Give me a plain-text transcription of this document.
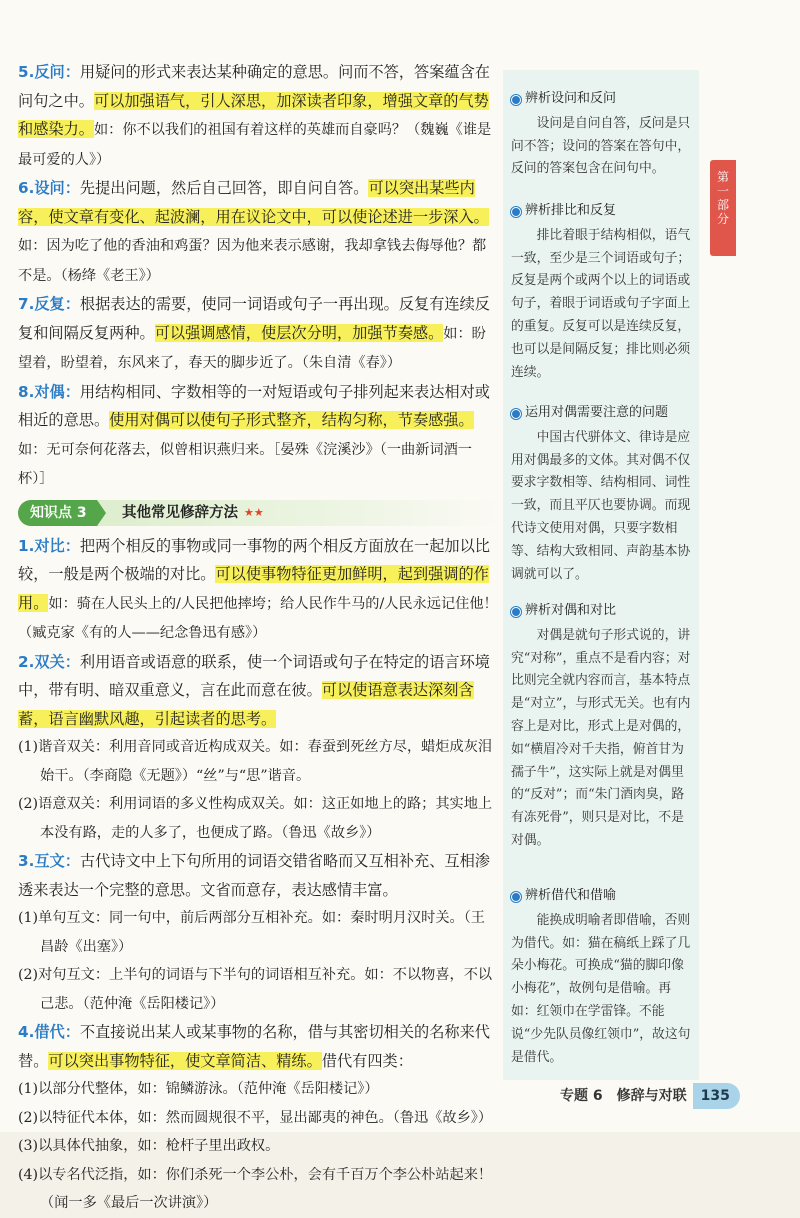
5.反问：用疑问的形式来表达某种确定的意思。问而不答，答案蕴含在问句之中。可以加强语气，引人深思，加深读者印象，增强文章的气势和感染力。如：你不以我们的祖国有着这样的英雄而自豪吗？（魏巍《谁是最可爱的人》）

6.设问：先提出问题，然后自己回答，即自问自答。可以突出某些内容，使文章有变化、起波澜，用在议论文中，可以使论述进一步深入。如：因为吃了他的香油和鸡蛋？因为他来表示感谢，我却拿钱去侮辱他？都不是。（杨绛《老王》）

7.反复：根据表达的需要，使同一词语或句子一再出现。反复有连续反复和间隔反复两种。可以强调感情，使层次分明，加强节奏感。如：盼望着，盼望着，东风来了，春天的脚步近了。（朱自清《春》）

8.对偶：用结构相同、字数相等的一对短语或句子排列起来表达相对或相近的意思。使用对偶可以使句子形式整齐，结构匀称，节奏感强。如：无可奈何花落去，似曾相识燕归来。［晏殊《浣溪沙》（一曲新词酒一杯）］

知识点 3	其他常见修辞方法 ★★

1.对比：把两个相反的事物或同一事物的两个相反方面放在一起加以比较，一般是两个极端的对比。可以使事物特征更加鲜明，起到强调的作用。如：骑在人民头上的/人民把他摔垮；给人民作牛马的/人民永远记住他！（臧克家《有的人——纪念鲁迅有感》）

2.双关：利用语音或语意的联系，使一个词语或句子在特定的语言环境中，带有明、暗双重意义，言在此而意在彼。可以使语意表达深刻含蓄，语言幽默风趣，引起读者的思考。

(1)谐音双关：利用音同或音近构成双关。如：春蚕到死丝方尽，蜡炬成灰泪始干。（李商隐《无题》）“丝”与“思”谐音。

(2)语意双关：利用词语的多义性构成双关。如：这正如地上的路；其实地上本没有路，走的人多了，也便成了路。（鲁迅《故乡》）

3.互文：古代诗文中上下句所用的词语交错省略而又互相补充、互相渗透来表达一个完整的意思。文省而意存，表达感情丰富。

(1)单句互文：同一句中，前后两部分互相补充。如：秦时明月汉时关。（王昌龄《出塞》）

(2)对句互文：上半句的词语与下半句的词语相互补充。如：不以物喜，不以己悲。（范仲淹《岳阳楼记》）

4.借代：不直接说出某人或某事物的名称，借与其密切相关的名称来代替。可以突出事物特征，使文章简洁、精练。借代有四类：

(1)以部分代整体，如：锦鳞游泳。（范仲淹《岳阳楼记》）

(2)以特征代本体，如：然而圆规很不平，显出鄙夷的神色。（鲁迅《故乡》）

(3)以具体代抽象，如：枪杆子里出政权。

(4)以专名代泛指，如：你们杀死一个李公朴，会有千百万个李公朴站起来！（闻一多《最后一次讲演》）

辨析设问和反问
设问是自问自答，反问是只问不答；设问的答案在答句中，反问的答案包含在问句中。
辨析排比和反复
排比着眼于结构相似，语气一致，至少是三个词语或句子；反复是两个或两个以上的词语或句子，着眼于词语或句子字面上的重复。反复可以是连续反复，也可以是间隔反复；排比则必须连续。
运用对偶需要注意的问题
中国古代骈体文、律诗是应用对偶最多的文体。其对偶不仅要求字数相等、结构相同、词性一致，而且平仄也要协调。而现代诗文使用对偶，只要字数相等、结构大致相同、声韵基本协调就可以了。
辨析对偶和对比
对偶是就句子形式说的，讲究“对称”，重点不是看内容；对比则完全就内容而言，基本特点是“对立”，与形式无关。也有内容上是对比，形式上是对偶的，如“横眉冷对千夫指，俯首甘为孺子牛”，这实际上就是对偶里的“反对”；而“朱门酒肉臭，路有冻死骨”，则只是对比，不是对偶。
辨析借代和借喻
能换成明喻者即借喻，否则为借代。如：猫在稿纸上踩了几朵小梅花。可换成“猫的脚印像小梅花”，故例句是借喻。再如：红领巾在学雷锋。不能说“少先队员像红领巾”，故这句是借代。
第
一
部
分
专题 6　修辞与对联 135
